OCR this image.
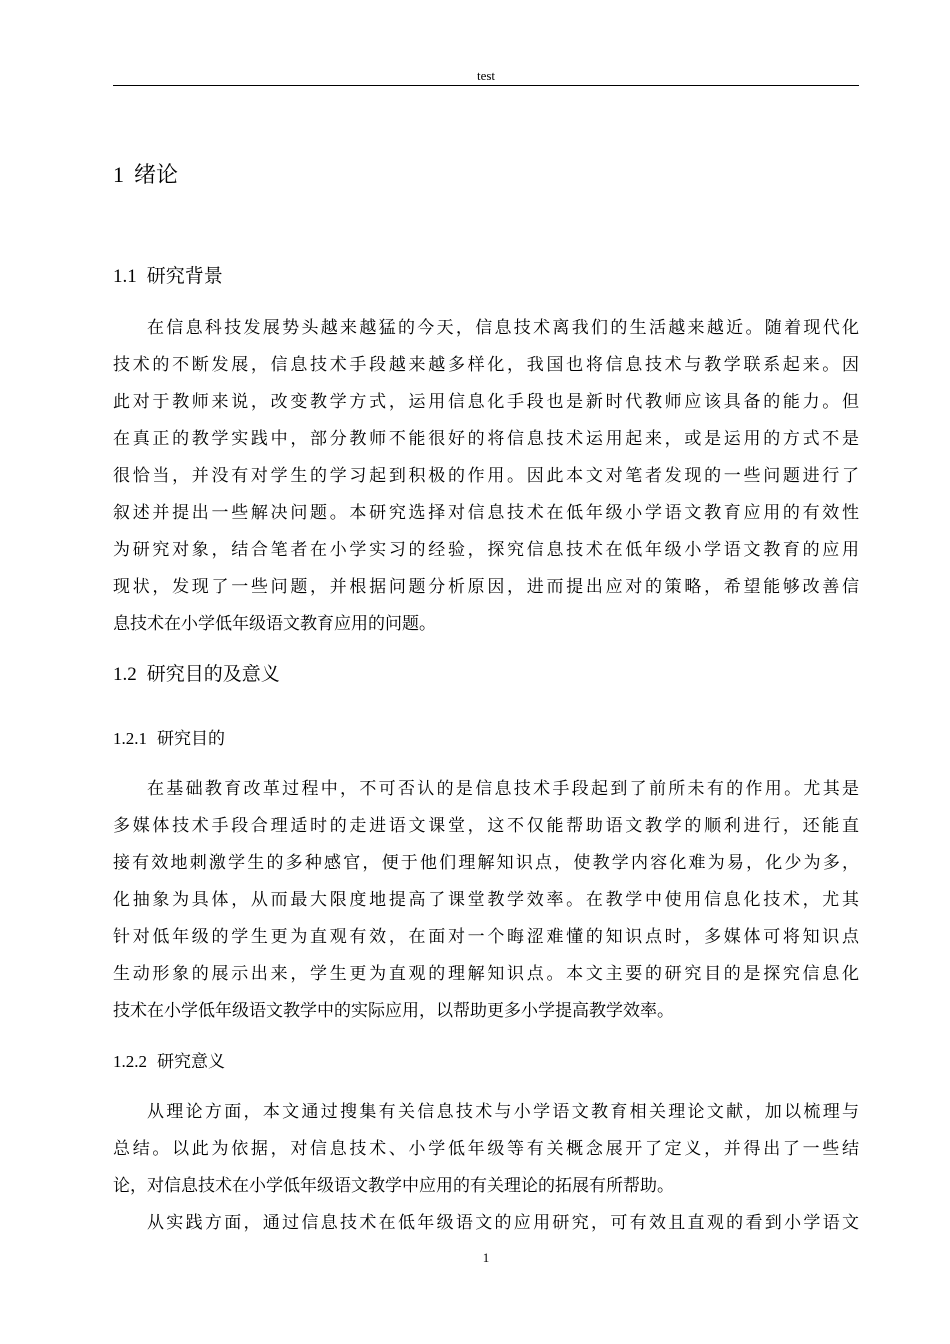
test
1 绪论
1.1 研究背景
在信息科技发展势头越来越猛的今天，信息技术离我们的生活越来越近。随着现代化
技术的不断发展，信息技术手段越来越多样化，我国也将信息技术与教学联系起来。因
此对于教师来说，改变教学方式，运用信息化手段也是新时代教师应该具备的能力。但
在真正的教学实践中，部分教师不能很好的将信息技术运用起来，或是运用的方式不是
很恰当，并没有对学生的学习起到积极的作用。因此本文对笔者发现的一些问题进行了
叙述并提出一些解决问题。本研究选择对信息技术在低年级小学语文教育应用的有效性
为研究对象，结合笔者在小学实习的经验，探究信息技术在低年级小学语文教育的应用
现状，发现了一些问题，并根据问题分析原因，进而提出应对的策略，希望能够改善信
息技术在小学低年级语文教育应用的问题。
1.2 研究目的及意义
1.2.1 研究目的
在基础教育改革过程中，不可否认的是信息技术手段起到了前所未有的作用。尤其是
多媒体技术手段合理适时的走进语文课堂，这不仅能帮助语文教学的顺利进行，还能直
接有效地刺激学生的多种感官，便于他们理解知识点，使教学内容化难为易，化少为多，
化抽象为具体，从而最大限度地提高了课堂教学效率。在教学中使用信息化技术，尤其
针对低年级的学生更为直观有效，在面对一个晦涩难懂的知识点时，多媒体可将知识点
生动形象的展示出来，学生更为直观的理解知识点。本文主要的研究目的是探究信息化
技术在小学低年级语文教学中的实际应用，以帮助更多小学提高教学效率。
1.2.2 研究意义
从理论方面，本文通过搜集有关信息技术与小学语文教育相关理论文献，加以梳理与
总结。以此为依据，对信息技术、小学低年级等有关概念展开了定义，并得出了一些结
论，对信息技术在小学低年级语文教学中应用的有关理论的拓展有所帮助。
从实践方面，通过信息技术在低年级语文的应用研究，可有效且直观的看到小学语文
1
